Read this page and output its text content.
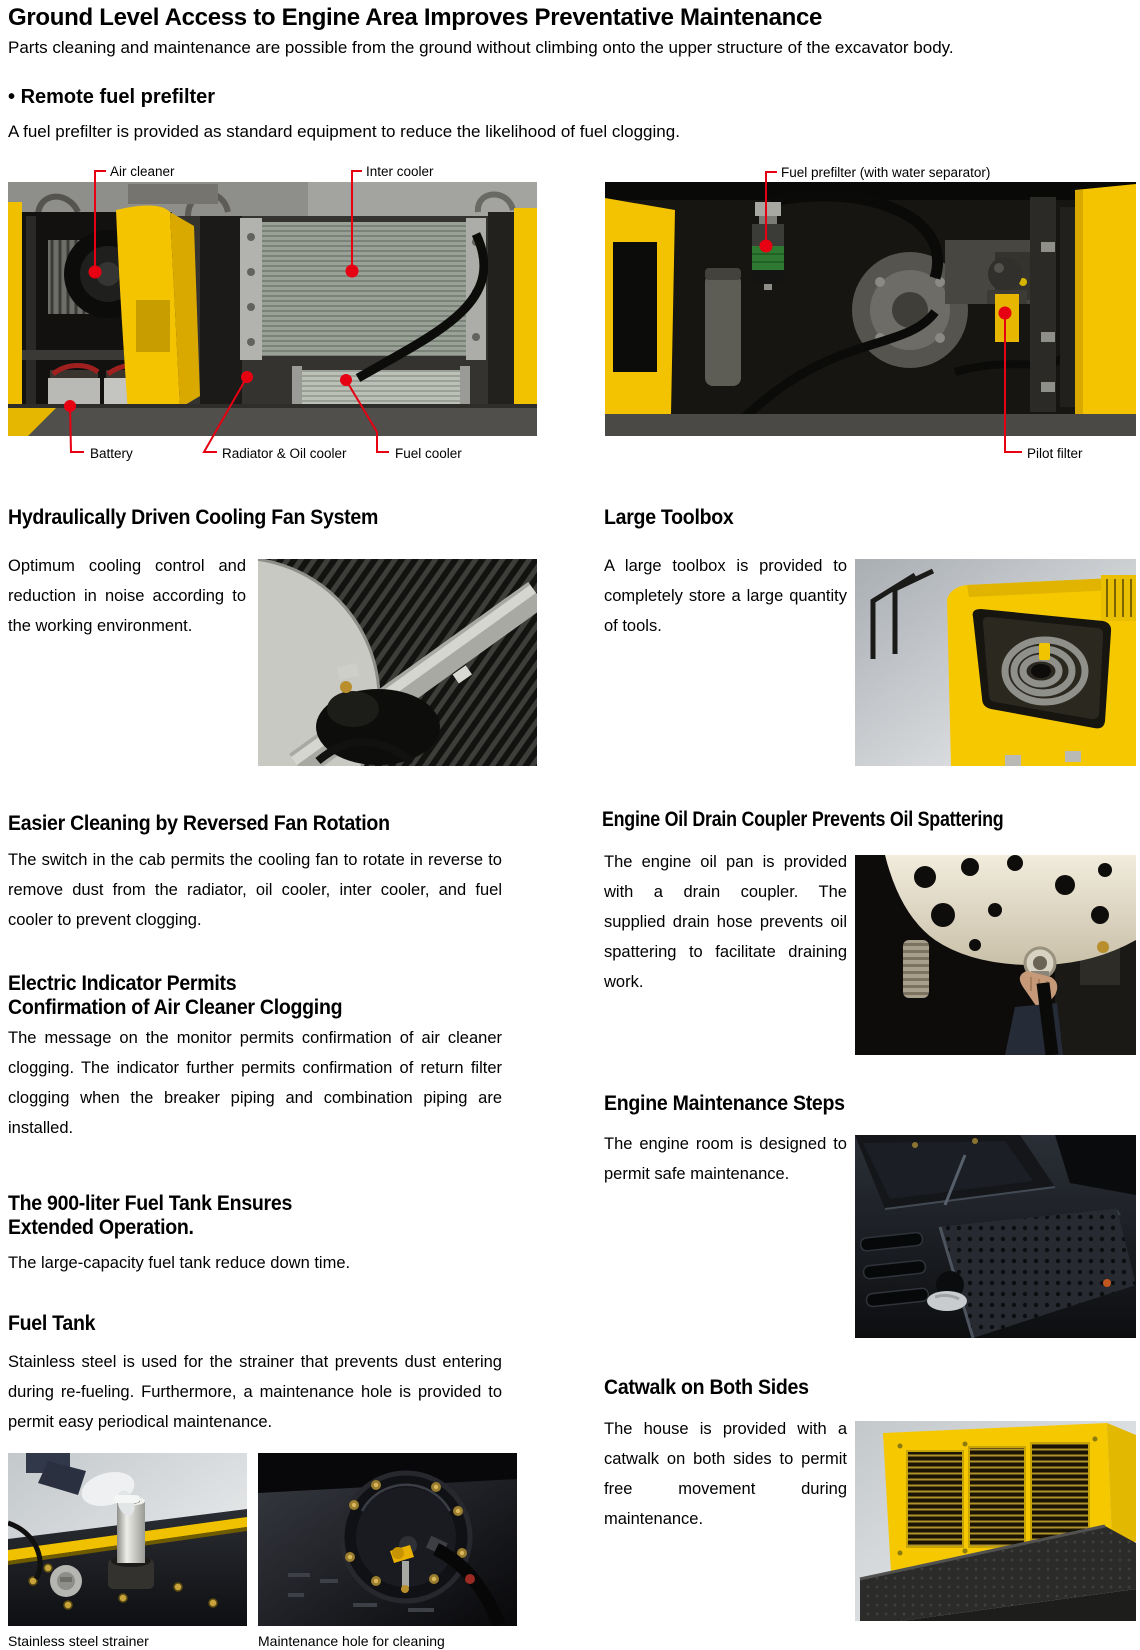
Ground Level Access to Engine Area Improves Preventative Maintenance
Parts cleaning and maintenance are possible from the ground without climbing onto the upper structure of the excavator body.
• Remote fuel prefilter
A fuel prefilter is provided as standard equipment to reduce the likelihood of fuel clogging.
Air cleaner	Inter cooler	Fuel prefilter (with water separator)
Battery	Radiator & Oil cooler	Fuel cooler	Pilot filter
Hydraulically Driven Cooling Fan System
Optimum cooling control and reduction in noise according to the working environment.
Large Toolbox
A large toolbox is provided to completely store a large quantity of tools.
Easier Cleaning by Reversed Fan Rotation
The switch in the cab permits the cooling fan to rotate in reverse to remove dust from the radiator, oil cooler, inter cooler, and fuel cooler to prevent clogging.
Electric Indicator Permits
Confirmation of Air Cleaner Clogging
The message on the monitor permits confirmation of air cleaner clogging. The indicator further permits confirmation of return filter clogging when the breaker piping and combination piping are installed.
The 900-liter Fuel Tank Ensures
Extended Operation.
The large-capacity fuel tank reduce down time.
Fuel Tank
Stainless steel is used for the strainer that prevents dust entering during re-fueling. Furthermore, a maintenance hole is provided to permit easy periodical maintenance.
Stainless steel strainer	Maintenance hole for cleaning
Engine Oil Drain Coupler Prevents Oil Spattering
The engine oil pan is provided with a drain coupler. The supplied drain hose prevents oil spattering to facilitate draining work.
Engine Maintenance Steps
The engine room is designed to permit safe maintenance.
Catwalk on Both Sides
The house is provided with a catwalk on both sides to permit free movement during maintenance.
